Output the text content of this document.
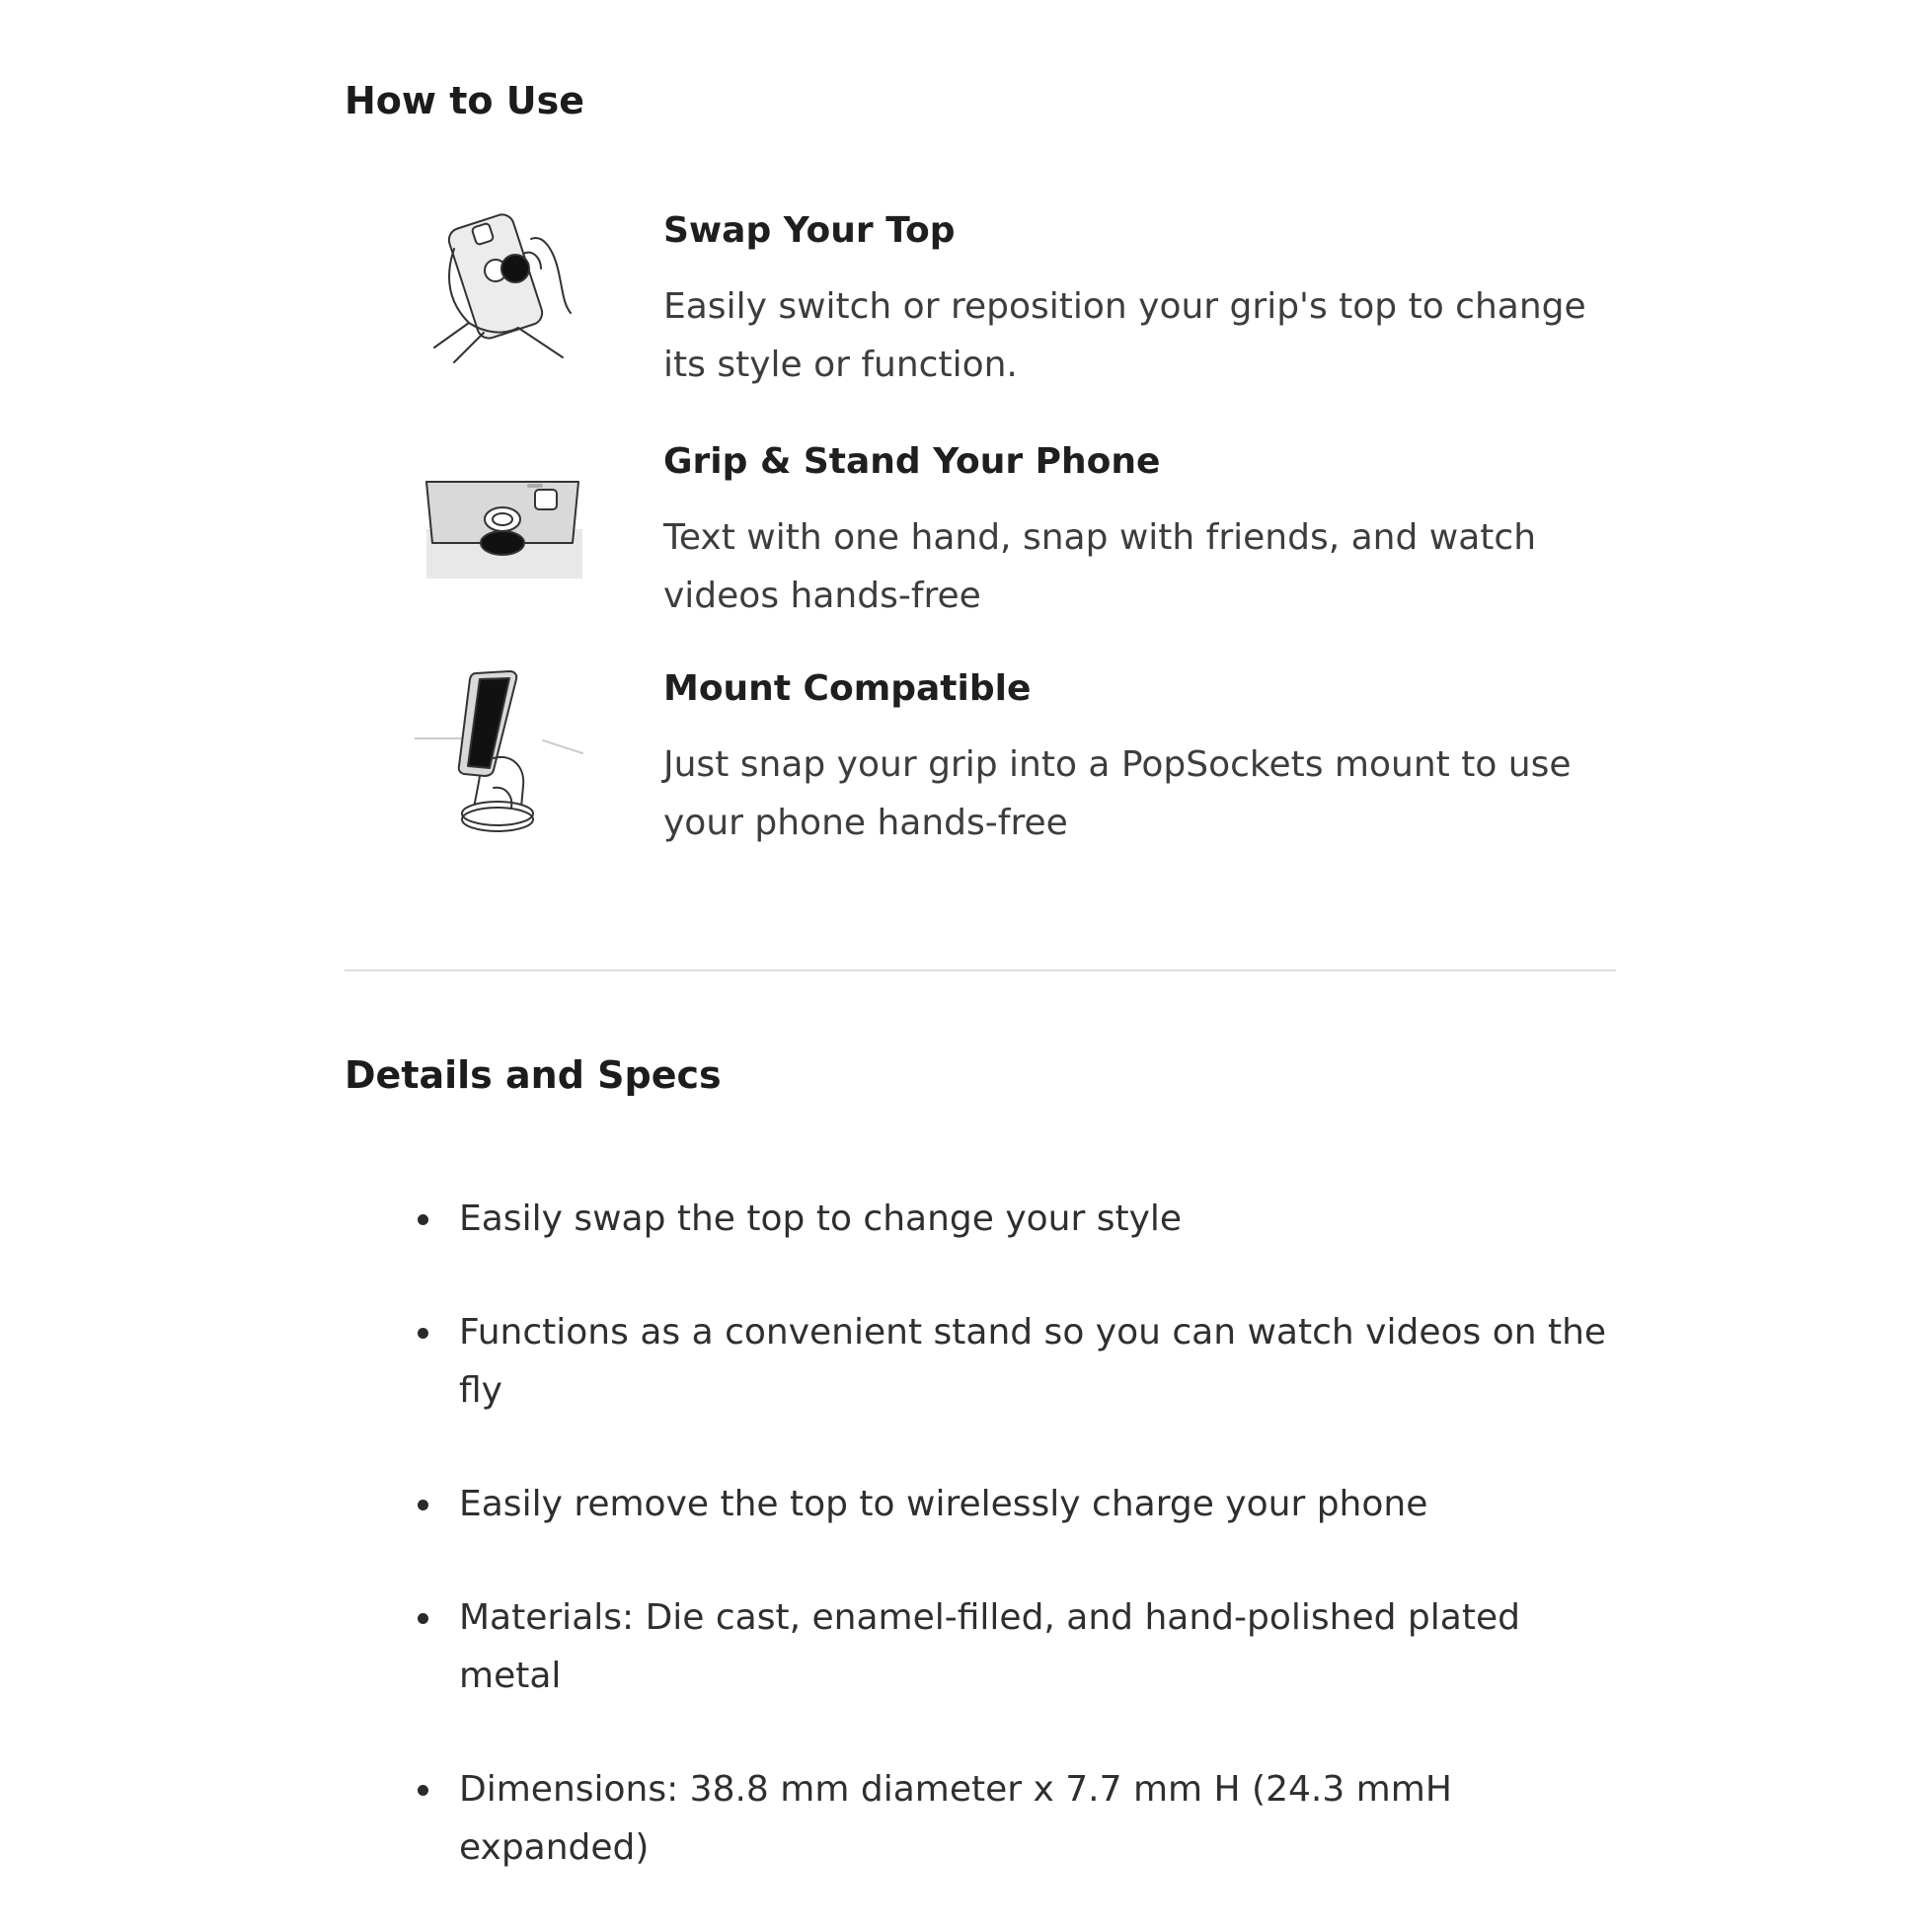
How to Use

Swap Your Top

Easily switch or reposition your grip's top to change its style or function.

Grip & Stand Your Phone

Text with one hand, snap with friends, and watch videos hands-free

Mount Compatible

Just snap your grip into a PopSockets mount to use your phone hands-free

Details and Specs
Easily swap the top to change your style
Functions as a convenient stand so you can watch videos on the fly
Easily remove the top to wirelessly charge your phone
Materials: Die cast, enamel-filled, and hand-polished plated metal
Dimensions: 38.8 mm diameter x 7.7 mm H (24.3 mmH expanded)
